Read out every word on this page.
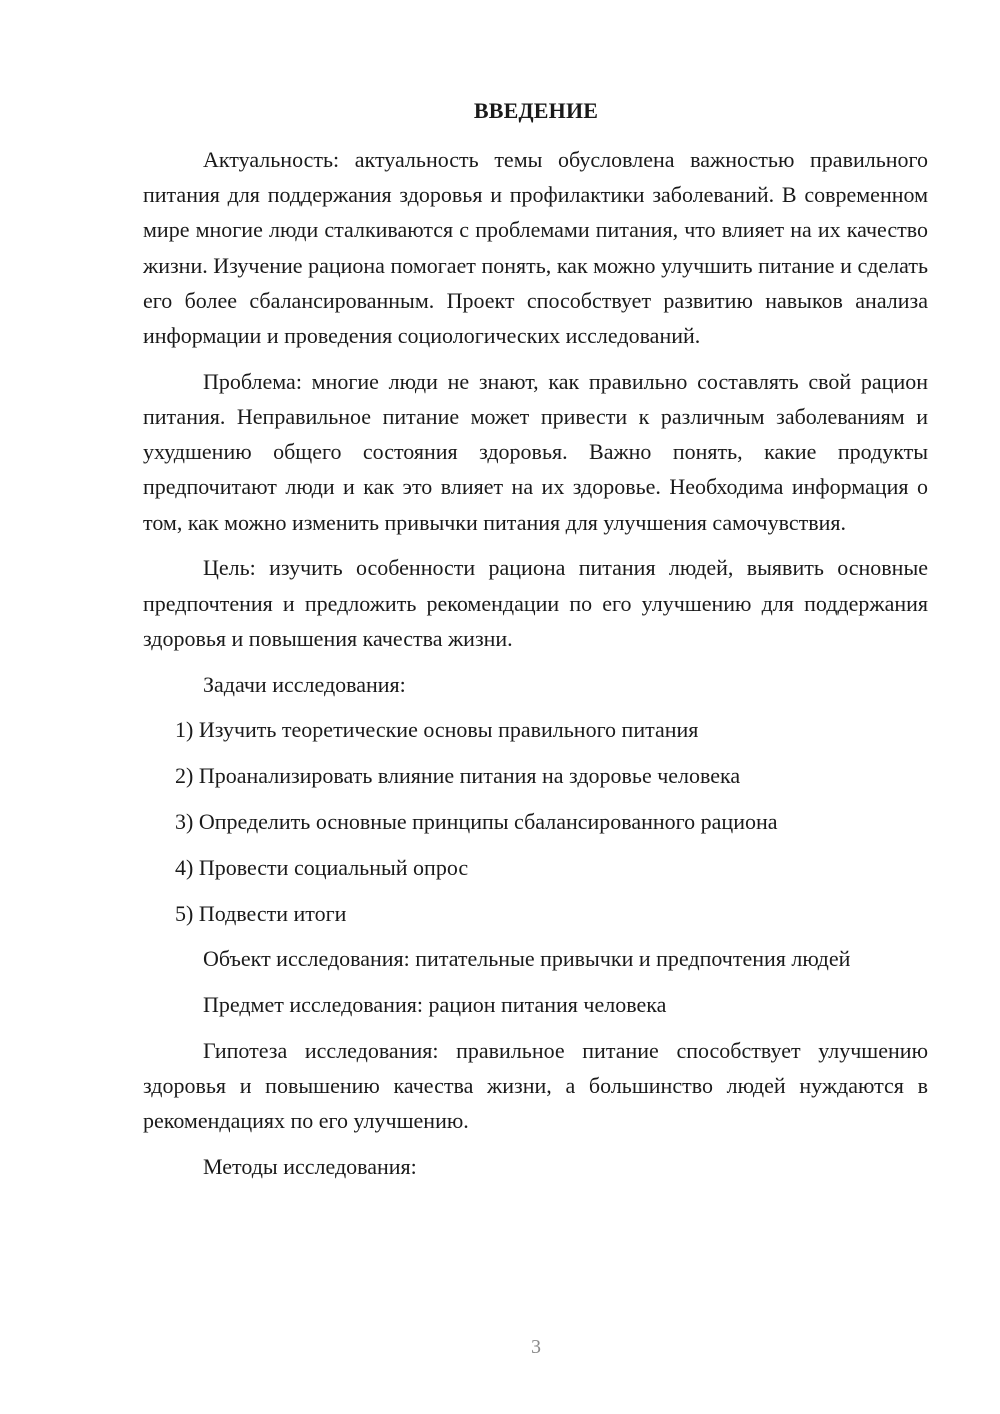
ВВЕДЕНИЕ

Актуальность: актуальность темы обусловлена важностью правильного питания для поддержания здоровья и профилактики заболеваний. В современном мире многие люди сталкиваются с проблемами питания, что влияет на их качество жизни. Изучение рациона помогает понять, как можно улучшить питание и сделать его более сбалансированным. Проект способствует развитию навыков анализа информации и проведения социологических исследований.

Проблема: многие люди не знают, как правильно составлять свой рацион питания. Неправильное питание может привести к различным заболеваниям и ухудшению общего состояния здоровья. Важно понять, какие продукты предпочитают люди и как это влияет на их здоровье. Необходима информация о том, как можно изменить привычки питания для улучшения самочувствия.

Цель: изучить особенности рациона питания людей, выявить основные предпочтения и предложить рекомендации по его улучшению для поддержания здоровья и повышения качества жизни.

Задачи исследования:

1) Изучить теоретические основы правильного питания
2) Проанализировать влияние питания на здоровье человека
3) Определить основные принципы сбалансированного рациона
4) Провести социальный опрос
5) Подвести итоги

Объект исследования: питательные привычки и предпочтения людей

Предмет исследования: рацион питания человека

Гипотеза исследования: правильное питание способствует улучшению здоровья и повышению качества жизни, а большинство людей нуждаются в рекомендациях по его улучшению.

Методы исследования:

3
